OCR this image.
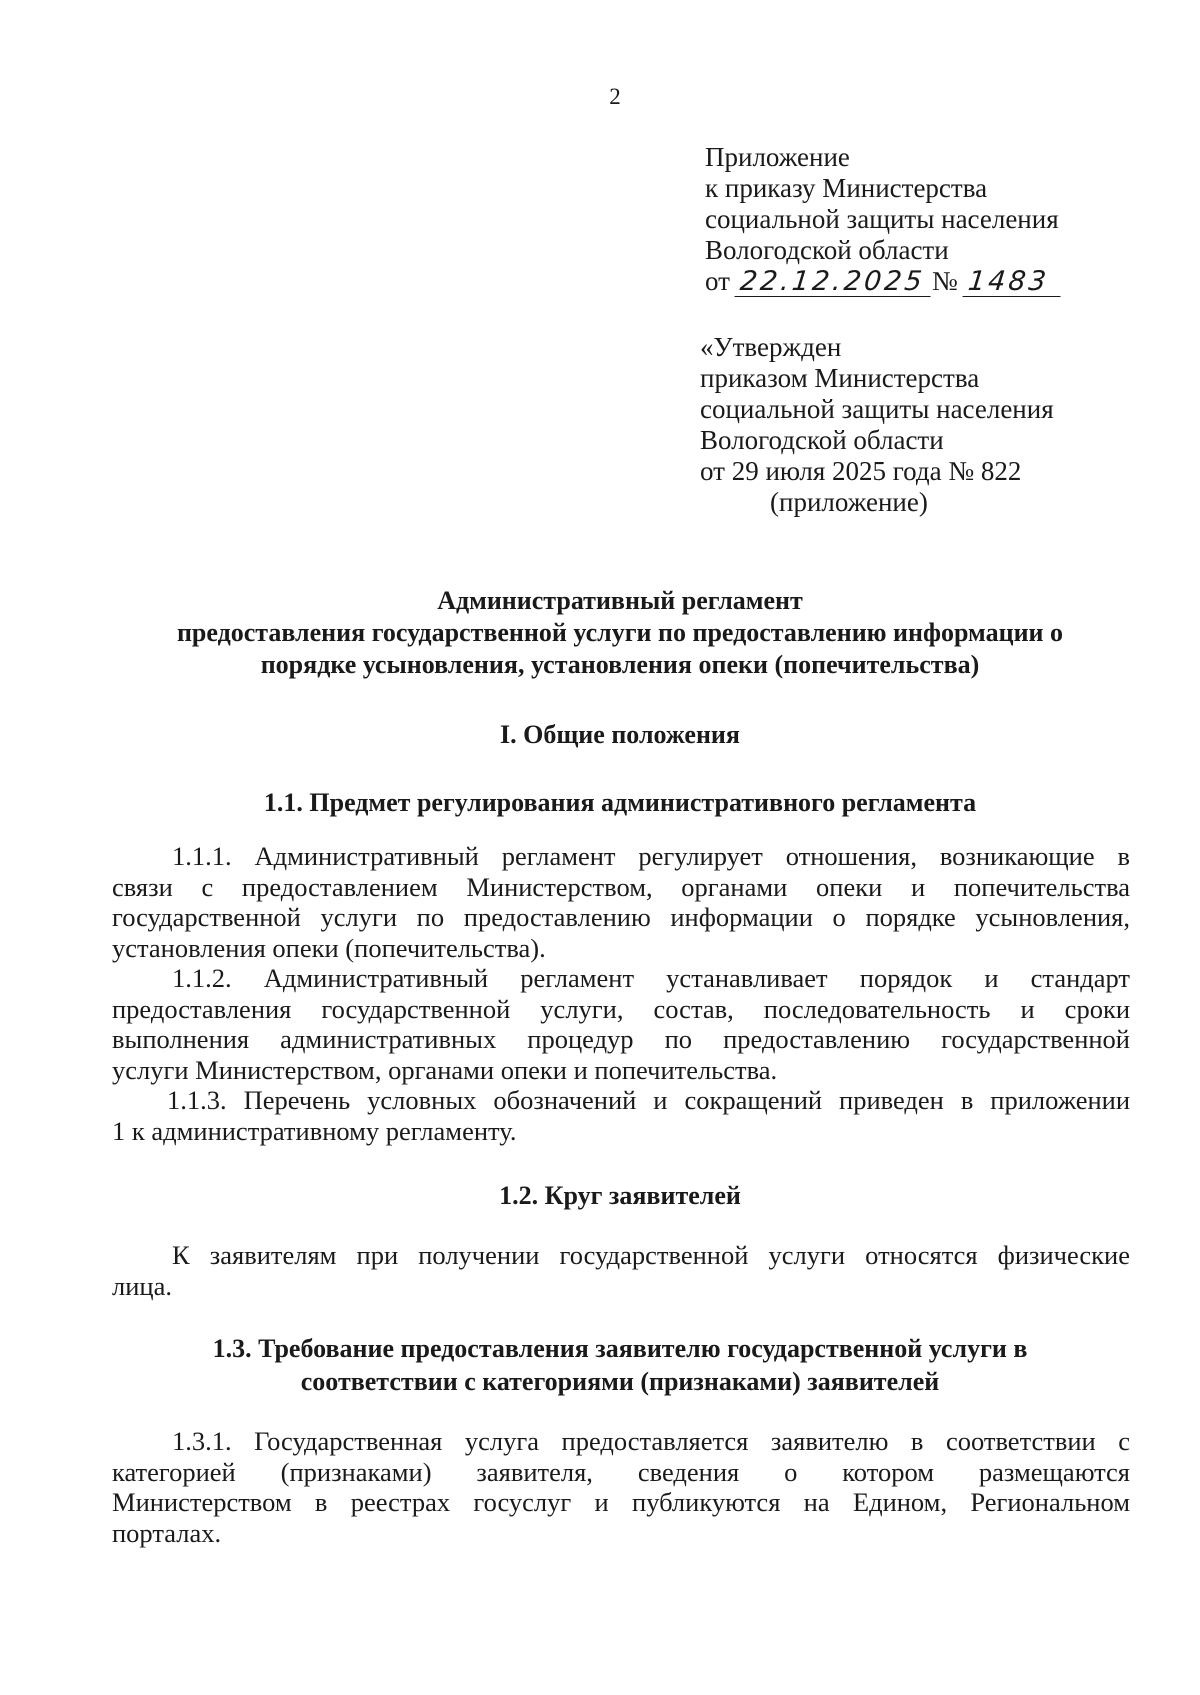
2
Приложение
к приказу Министерства
социальной защиты населения
Вологодской области
от 22.12.2025 № 1483
«Утвержден
приказом Министерства
социальной защиты населения
Вологодской области
от 29 июля 2025 года № 822
(приложение)
Административный регламент
предоставления государственной услуги по предоставлению информации о
порядке усыновления, установления опеки (попечительства)
I. Общие положения
1.1. Предмет регулирования административного регламента
1.1.1. Административный регламент регулирует отношения, возникающие в
связи с предоставлением Министерством, органами опеки и попечительства
государственной услуги по предоставлению информации о порядке усыновления,
установления опеки (попечительства).
1.1.2. Административный регламент устанавливает порядок и стандарт
предоставления государственной услуги, состав, последовательность и сроки
выполнения административных процедур по предоставлению государственной
услуги Министерством, органами опеки и попечительства.
1.1.3. Перечень условных обозначений и сокращений приведен в приложении
1 к административному регламенту.
1.2. Круг заявителей
К заявителям при получении государственной услуги относятся физические
лица.
1.3. Требование предоставления заявителю государственной услуги в
соответствии с категориями (признаками) заявителей
1.3.1. Государственная услуга предоставляется заявителю в соответствии с
категорией (признаками) заявителя, сведения о котором размещаются
Министерством в реестрах госуслуг и публикуются на Едином, Региональном
порталах.
